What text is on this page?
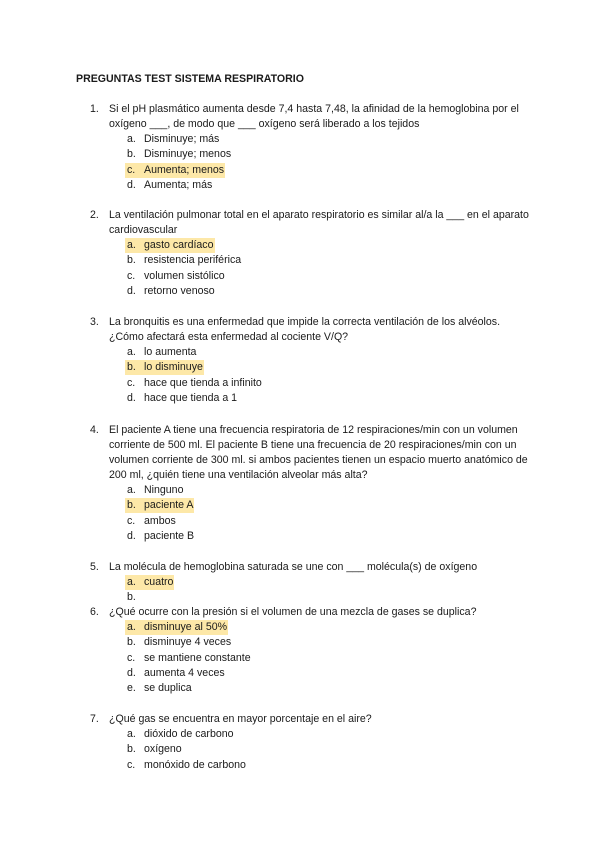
PREGUNTAS TEST SISTEMA RESPIRATORIO
1. Si el pH plasmático aumenta desde 7,4 hasta 7,48, la afinidad de la hemoglobina por el oxígeno ___, de modo que ___ oxígeno será liberado a los tejidos
a. Disminuye; más
b. Disminuye; menos
c. Aumenta; menos
d. Aumenta; más
2. La ventilación pulmonar total en el aparato respiratorio es similar al/a la ___ en el aparato cardiovascular
a. gasto cardíaco
b. resistencia periférica
c. volumen sistólico
d. retorno venoso
3. La bronquitis es una enfermedad que impide la correcta ventilación de los alvéolos. ¿Cómo afectará esta enfermedad al cociente V/Q?
a. lo aumenta
b. lo disminuye
c. hace que tienda a infinito
d. hace que tienda a 1
4. El paciente A tiene una frecuencia respiratoria de 12 respiraciones/min con un volumen corriente de 500 ml. El paciente B tiene una frecuencia de 20 respiraciones/min con un volumen corriente de 300 ml. si ambos pacientes tienen un espacio muerto anatómico de 200 ml, ¿quién tiene una ventilación alveolar más alta?
a. Ninguno
b. paciente A
c. ambos
d. paciente B
5. La molécula de hemoglobina saturada se une con ___ molécula(s) de oxígeno
a. cuatro
b.
6. ¿Qué ocurre con la presión si el volumen de una mezcla de gases se duplica?
a. disminuye al 50%
b. disminuye 4 veces
c. se mantiene constante
d. aumenta 4 veces
e. se duplica
7. ¿Qué gas se encuentra en mayor porcentaje en el aire?
a. dióxido de carbono
b. oxígeno
c. monóxido de carbono
